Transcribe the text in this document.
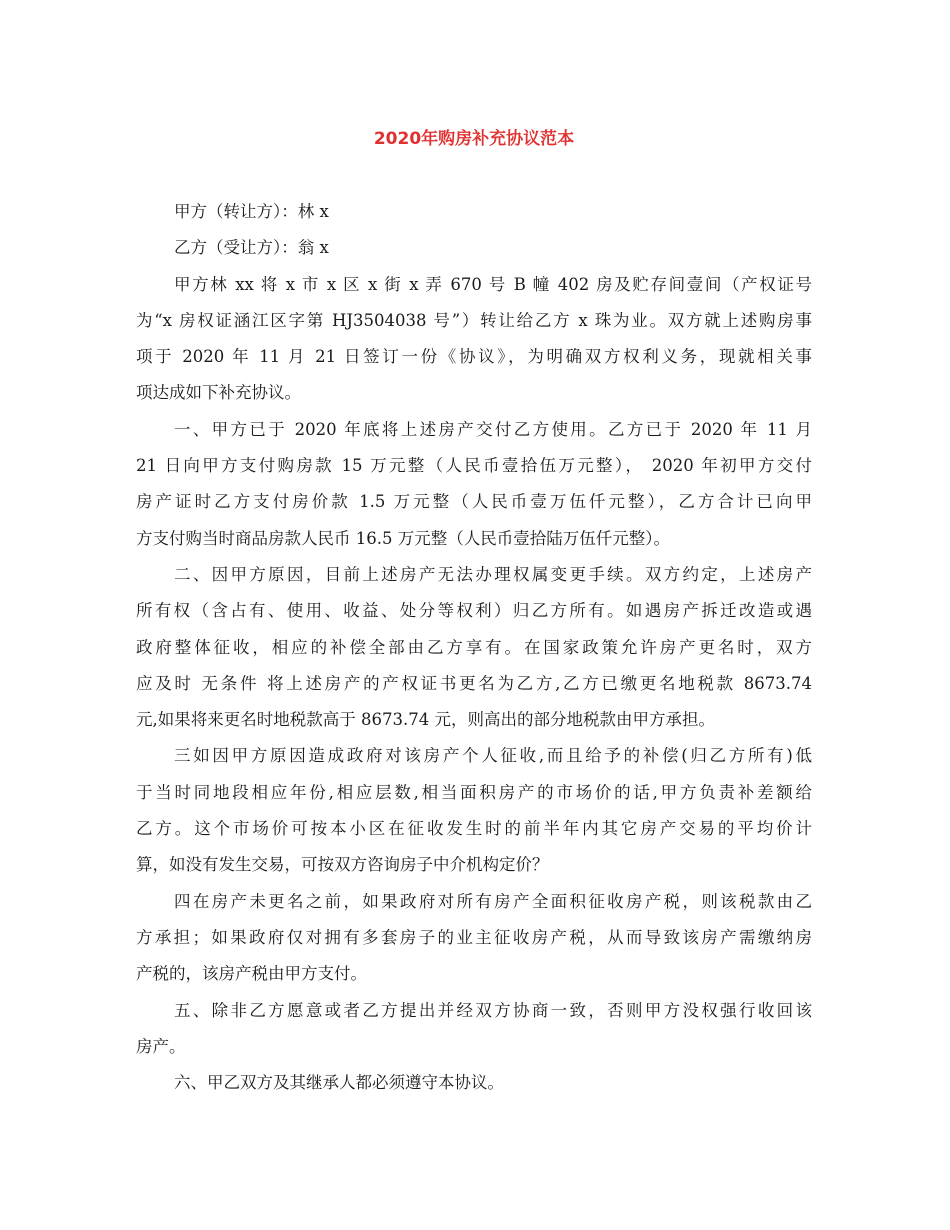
2020年购房补充协议范本
甲方（转让方）：林 x
乙方（受让方）：翁 x
甲方林 xx 将 x 市 x 区 x 街 x 弄 670 号 B 幢 402 房及贮存间壹间（产权证号
为“x 房权证涵江区字第 HJ3504038 号”）转让给乙方 x 珠为业。双方就上述购房事
项于 2020 年 11 月 21 日签订一份《协议》，为明确双方权利义务，现就相关事
项达成如下补充协议。
一、甲方已于 2020 年底将上述房产交付乙方使用。乙方已于 2020 年 11 月
21 日向甲方支付购房款 15 万元整（人民币壹拾伍万元整）， 2020 年初甲方交付
房产证时乙方支付房价款 1.5 万元整（人民币壹万伍仟元整），乙方合计已向甲
方支付购当时商品房款人民币 16.5 万元整（人民币壹拾陆万伍仟元整）。
二、因甲方原因，目前上述房产无法办理权属变更手续。双方约定，上述房产
所有权（含占有、使用、收益、处分等权利）归乙方所有。如遇房产拆迁改造或遇
政府整体征收，相应的补偿全部由乙方享有。在国家政策允许房产更名时，双方
应及时 无条件 将上述房产的产权证书更名为乙方,乙方已缴更名地税款 8673.74
元,如果将来更名时地税款高于 8673.74 元，则高出的部分地税款由甲方承担。
三如因甲方原因造成政府对该房产个人征收,而且给予的补偿(归乙方所有)低
于当时同地段相应年份,相应层数,相当面积房产的市场价的话,甲方负责补差额给
乙方。这个市场价可按本小区在征收发生时的前半年内其它房产交易的平均价计
算，如没有发生交易，可按双方咨询房子中介机构定价？
四在房产未更名之前，如果政府对所有房产全面积征收房产税，则该税款由乙
方承担；如果政府仅对拥有多套房子的业主征收房产税，从而导致该房产需缴纳房
产税的，该房产税由甲方支付。
五、除非乙方愿意或者乙方提出并经双方协商一致，否则甲方没权强行收回该
房产。
六、甲乙双方及其继承人都必须遵守本协议。
